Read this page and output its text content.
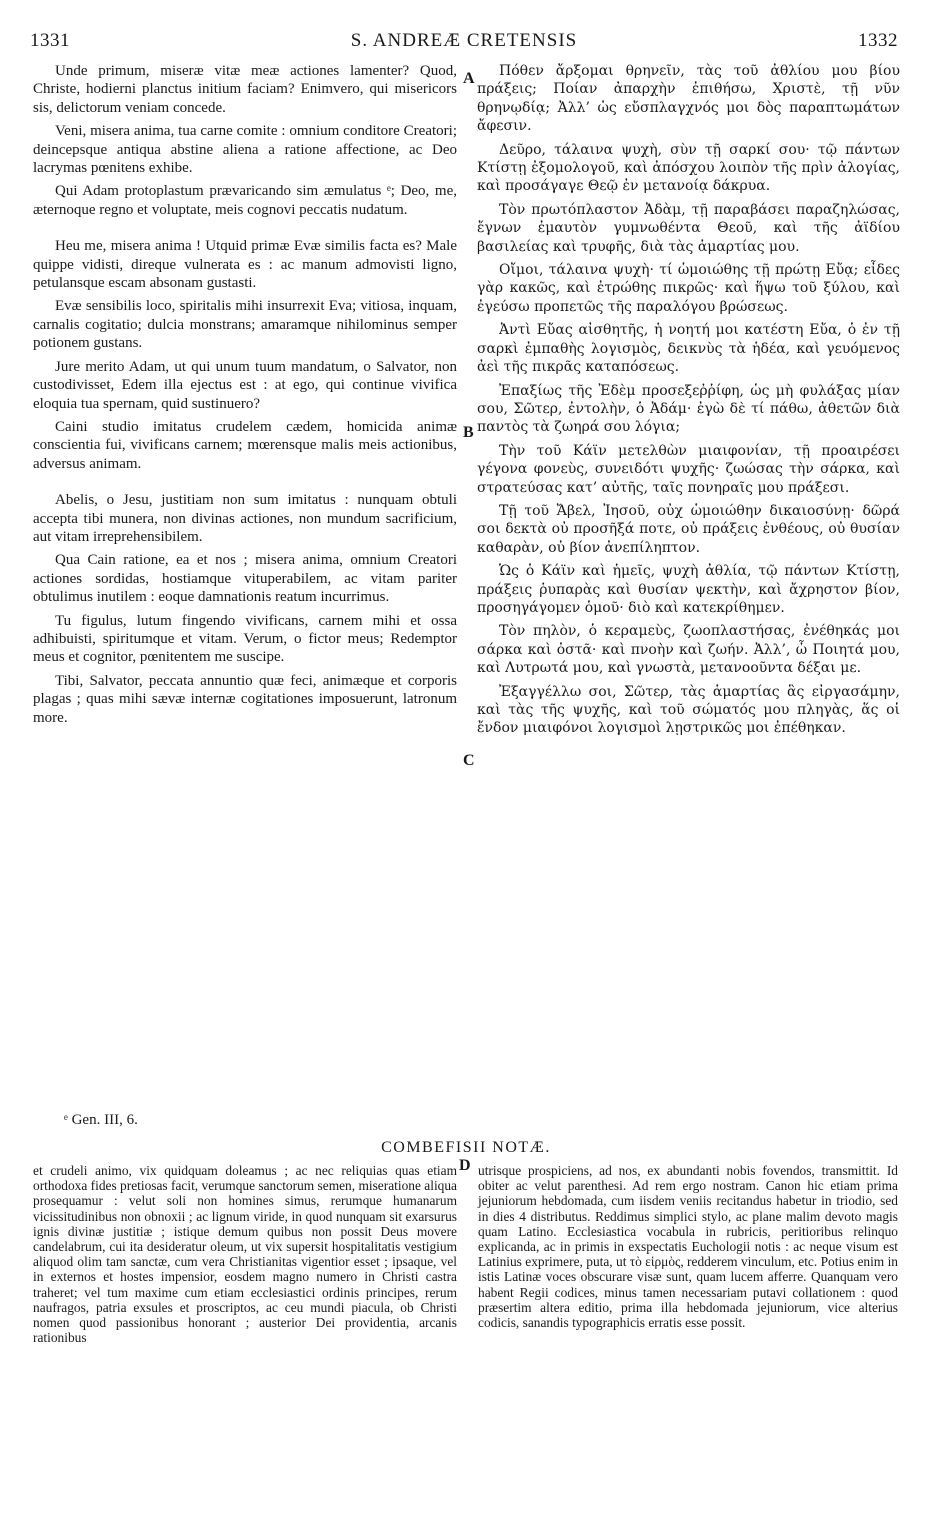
S. ANDREÆ CRETENSIS
1331	1332

Unde primum, miseræ vitæ meæ actiones lamenter? Quod, Christe, hodierni planctus initium faciam? Enimvero, qui misericors sis, delictorum veniam concede.

Veni, misera anima, tua carne comite : omnium conditore Creatori; deincepsque antiqua abstine aliena a ratione affectione, ac Deo lacrymas pœnitens exhibe.

Qui Adam protoplastum prævaricando sim æmulatus ᵉ; Deo, me, æternoque regno et voluptate, meis cognovi peccatis nudatum.

Heu me, misera anima ! Utquid primæ Evæ similis facta es? Male quippe vidisti, direque vulnerata es : ac manum admovisti ligno, petulansque escam absonam gustasti.

Evæ sensibilis loco, spiritalis mihi insurrexit Eva; vitiosa, inquam, carnalis cogitatio; dulcia monstrans; amaramque nihilominus semper potionem gustans.

Jure merito Adam, ut qui unum tuum mandatum, o Salvator, non custodivisset, Edem illa ejectus est : at ego, qui continue vivifica eloquia tua spernam, quid sustinuero?

Caini studio imitatus crudelem cædem, homicida animæ conscientia fui, vivificans carnem; mœrensque malis meis actionibus, adversus animam.

Abelis, o Jesu, justitiam non sum imitatus : nunquam obtuli accepta tibi munera, non divinas actiones, non mundum sacrificium, aut vitam irreprehensibilem.

Qua Cain ratione, ea et nos ; misera anima, omnium Creatori actiones sordidas, hostiamque vituperabilem, ac vitam pariter obtulimus inutilem : eoque damnationis reatum incurrimus.

Tu figulus, lutum fingendo vivificans, carnem mihi et ossa adhibuisti, spiritumque et vitam. Verum, o fictor meus; Redemptor meus et cognitor, pœnitentem me suscipe.

Tibi, Salvator, peccata annuntio quæ feci, animæque et corporis plagas ; quas mihi sævæ internæ cogitationes imposuerunt, latronum more.

A
B
C
D

Πόθεν ἄρξομαι θρηνεῖν, τὰς τοῦ ἀθλίου μου βίου πράξεις; Ποίαν ἀπαρχὴν ἐπιθήσω, Χριστὲ, τῇ νῦν θρηνῳδίᾳ; Ἀλλ’ ὡς εὔσπλαγχνός μοι δὸς παραπτωμάτων ἄφεσιν.

Δεῦρο, τάλαινα ψυχὴ, σὺν τῇ σαρκί σου· τῷ πάντων Κτίστῃ ἐξομολογοῦ, καὶ ἀπόσχου λοιπὸν τῆς πρὶν ἀλογίας, καὶ προσάγαγε Θεῷ ἐν μετανοίᾳ δάκρυα.

Τὸν πρωτόπλαστον Ἀδὰμ, τῇ παραβάσει παραζηλώσας, ἔγνων ἐμαυτὸν γυμνωθέντα Θεοῦ, καὶ τῆς ἀϊδίου βασιλείας καὶ τρυφῆς, διὰ τὰς ἁμαρτίας μου.

Οἴμοι, τάλαινα ψυχὴ· τί ὡμοιώθης τῇ πρώτῃ Εὔᾳ; εἶδες γὰρ κακῶς, καὶ ἐτρώθης πικρῶς· καὶ ἥψω τοῦ ξύλου, καὶ ἐγεύσω προπετῶς τῆς παραλόγου βρώσεως.

Ἀντὶ Εὔας αἰσθητῆς, ἡ νοητή μοι κατέστη Εὔα, ὁ ἐν τῇ σαρκὶ ἐμπαθὴς λογισμὸς, δεικνὺς τὰ ἡδέα, καὶ γευόμενος ἀεὶ τῆς πικρᾶς καταπόσεως.

Ἐπαξίως τῆς Ἐδὲμ προσεξεῤῥίφη, ὡς μὴ φυλάξας μίαν σου, Σῶτερ, ἐντολὴν, ὁ Ἀδάμ· ἐγὼ δὲ τί πάθω, ἀθετῶν διὰ παντὸς τὰ ζωηρά σου λόγια;

Τὴν τοῦ Κάϊν μετελθὼν μιαιφονίαν, τῇ προαιρέσει γέγονα φονεὺς, συνειδότι ψυχῆς· ζωώσας τὴν σάρκα, καὶ στρατεύσας κατ’ αὐτῆς, ταῖς πονηραῖς μου πράξεσι.

Τῇ τοῦ Ἄβελ, Ἰησοῦ, οὐχ ὡμοιώθην δικαιοσύνῃ· δῶρά σοι δεκτὰ οὐ προσῆξά ποτε, οὐ πράξεις ἐνθέους, οὐ θυσίαν καθαρὰν, οὐ βίον ἀνεπίληπτον.

Ὡς ὁ Κάϊν καὶ ἡμεῖς, ψυχὴ ἀθλία, τῷ πάντων Κτίστῃ, πράξεις ῥυπαρὰς καὶ θυσίαν ψεκτὴν, καὶ ἄχρηστον βίον, προσηγάγομεν ὁμοῦ· διὸ καὶ κατεκρίθημεν.

Τὸν πηλὸν, ὁ κεραμεὺς, ζωοπλαστήσας, ἐνέθηκάς μοι σάρκα καὶ ὀστᾶ· καὶ πνοὴν καὶ ζωήν. Ἀλλ’, ὦ Ποιητά μου, καὶ Λυτρωτά μου, καὶ γνωστὰ, μετανοοῦντα δέξαι με.

Ἐξαγγέλλω σοι, Σῶτερ, τὰς ἁμαρτίας ἃς εἰργασάμην, καὶ τὰς τῆς ψυχῆς, καὶ τοῦ σώματός μου πληγὰς, ἅς οἱ ἔνδον μιαιφόνοι λογισμοὶ λῃστρικῶς μοι ἐπέθηκαν.

ᵉ Gen. III, 6.
COMBEFISII NOTÆ.

et crudeli animo, vix quidquam doleamus ; ac nec reliquias quas etiam orthodoxa fides pretiosas facit, verumque sanctorum semen, miseratione aliqua prosequamur : velut soli non homines simus, rerumque humanarum vicissitudinibus non obnoxii ; ac lignum viride, in quod nunquam sit exarsurus ignis divinæ justitiæ ; istique demum quibus non possit Deus movere candelabrum, cui ita desideratur oleum, ut vix supersit hospitalitatis vestigium aliquod olim tam sanctæ, cum vera Christianitas vigentior esset ; ipsaque, vel in externos et hostes impensior, eosdem magno numero in Christi castra traheret; vel tum maxime cum etiam ecclesiastici ordinis principes, rerum naufragos, patria exsules et proscriptos, ac ceu mundi piacula, ob Christi nomen quod passionibus honorant ; austerior Dei providentia, arcanis rationibus

utrisque prospiciens, ad nos, ex abundanti nobis fovendos, transmittit. Id obiter ac velut parenthesi. Ad rem ergo nostram. Canon hic etiam prima jejuniorum hebdomada, cum iisdem veniis recitandus habetur in triodio, sed in dies 4 distributus. Reddimus simplici stylo, ac plane malim devoto magis quam Latino. Ecclesiastica vocabula in rubricis, peritioribus relinquo explicanda, ac in primis in exspectatis Euchologii notis : ac neque visum est Latinius exprimere, puta, ut τὸ εἱρμὸς, redderem vinculum, etc. Potius enim in istis Latinæ voces obscurare visæ sunt, quam lucem afferre. Quanquam vero habent Regii codices, minus tamen necessariam putavi collationem : quod præsertim altera editio, prima illa hebdomada jejuniorum, vice alterius codicis, sanandis typographicis erratis esse possit.
